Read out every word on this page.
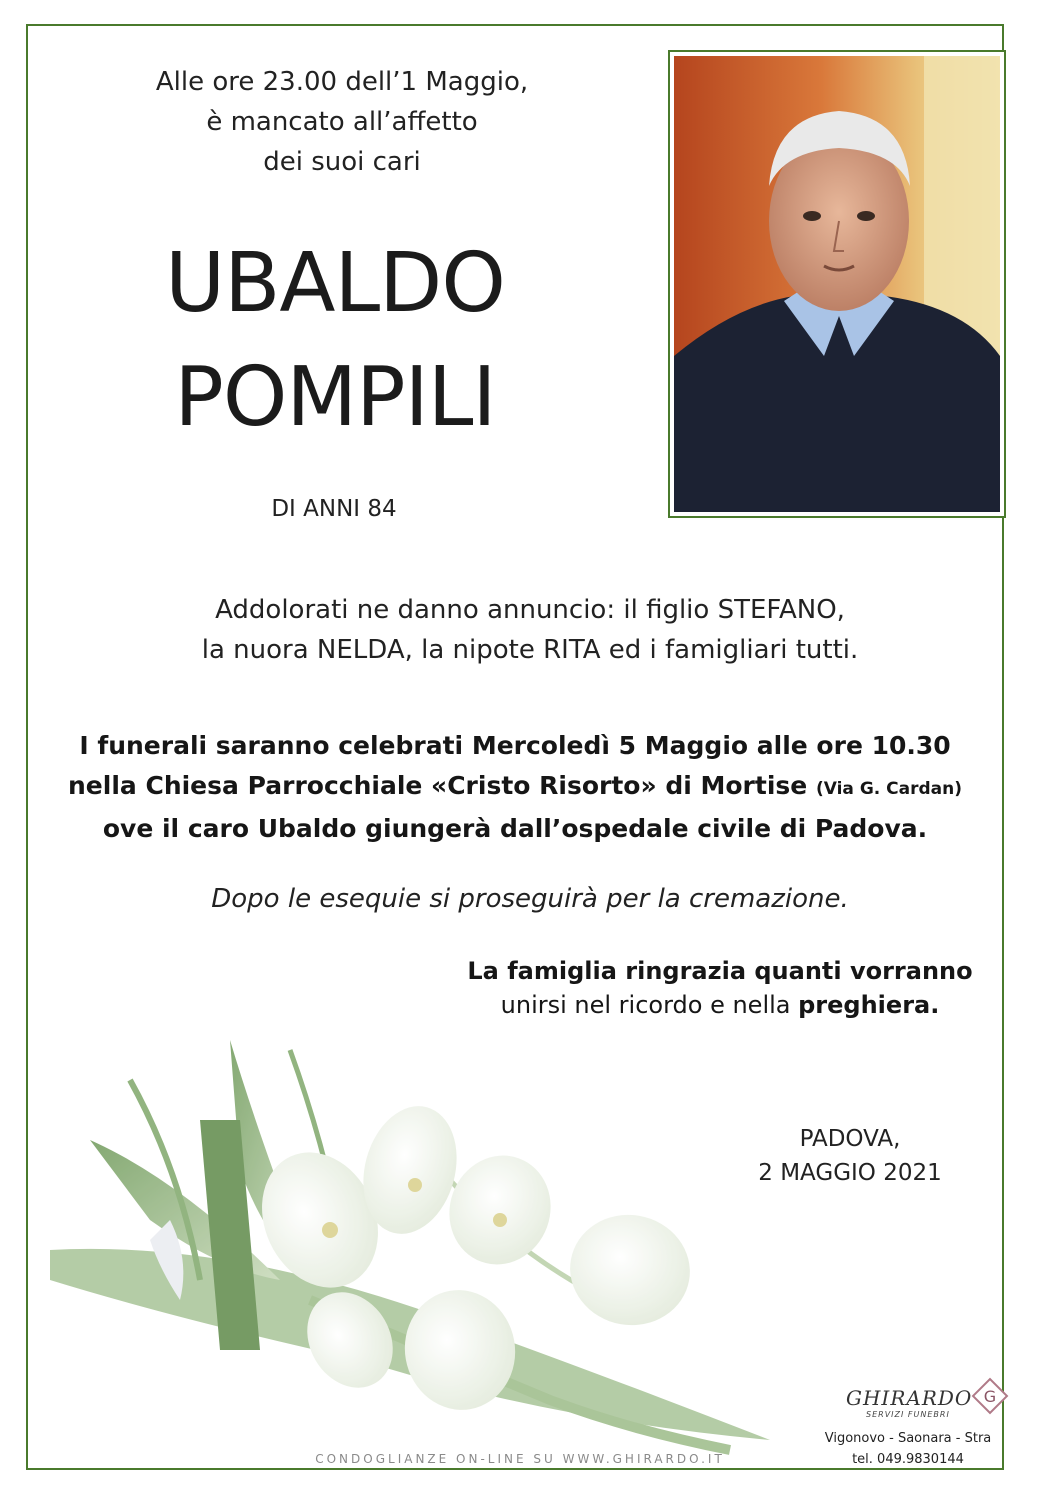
Alle ore 23.00 dell’1 Maggio,
è mancato all’affetto
dei suoi cari
UBALDO
POMPILI
DI ANNI 84
Addolorati ne danno annuncio: il figlio STEFANO,
la nuora NELDA, la nipote RITA ed i famigliari tutti.
I funerali saranno celebrati Mercoledì 5 Maggio alle ore 10.30
nella Chiesa Parrocchiale «Cristo Risorto» di Mortise (Via G. Cardan)
ove il caro Ubaldo giungerà dall’ospedale civile di Padova.
Dopo le esequie si proseguirà per la cremazione.
La famiglia ringrazia quanti vorranno
unirsi nel ricordo e nella preghiera.
PADOVA,
2 MAGGIO 2021
CONDOGLIANZE ON-LINE SU WWW.GHIRARDO.IT
GHIRARDO
SERVIZI FUNEBRI
G
Vigonovo - Saonara - Stra
tel. 049.9830144
